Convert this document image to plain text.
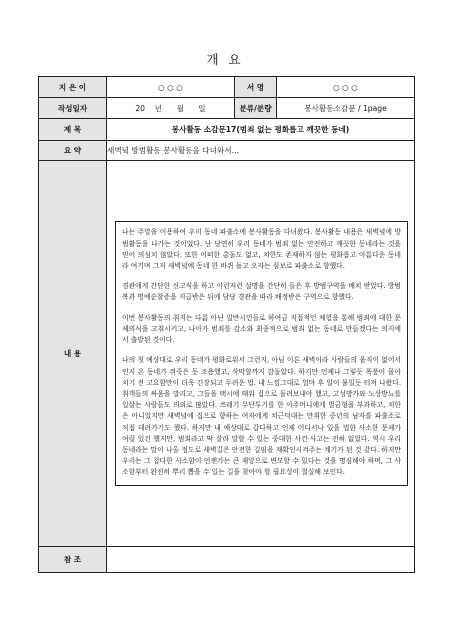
개 요
지 은 이	○ ○ ○	서 명	○ ○ ○
작성일자	20    년      월      일	분류/분량	봉사활동소감문 / 1page
제 목	봉사활동 소감문17(범죄 없는 평화롭고 깨끗한 동네)		
요 약	새벽녘 방범활동 봉사활동을 다녀와서…		
내 용	나는 주말을 이용하여 우리 동네 파출소에 봉사활동을 다녀왔다. 봉사활동 내용은 새벽녘에 방범활동을 나가는 것이었다. 난 당연히 우리 동네가 범죄 없는 안전하고 깨끗한 동네라는 것을 믿어 의심치 않았다. 또한 어떠한 총돌도 없고, 치한도 존재하지 않는 평화롭고 아름다운 동네라 여기며 그저 새벽녘에 동네 한 바퀴 돌고 오자는 심보로 파출소로 향했다.

경관에게 간단한 신고식을 하고 이런저런 설명을 간단히 들은 후 방범구역을 배치 받았다. 방범복과 명예순찰증을 지급받은 뒤에 담당 경관을 따라 배정받은 구역으로 향했다.

이번 봉사활동의 취지는 다름 아닌 일반시민들로 하여금 직접적인 체험을 통해 범죄에 대한 문제의식을 고취시키고, 나아가 범죄를 감소와 최종적으로 범죄 없는 동네로 만들겠다는 의지에서 출발된 것이다.

나의 첫 예상대로 우리 동네가 평화로워서 그런지, 아님 이른 새벽이라 사람들의 움직이 없어서인지 온 동네가 쥐죽은 듯 조용했고, 삭막할까지 감돌았다. 하지만 언제나 그렇듯 폭풍이 몰아치기 전 고요함만이 더욱 긴장되고 두려운 법. 내 느낌그대로 얼마 후 일이 물밀듯 터져 나왔다. 취객들의 싸움을 말리고, 그들을 택시에 태워 집으로 돌려보내야 했고, 고성방가와 노상방뇨를 일삼는 사람들도 의외로 많았다. 쓰레기 무단투기를 한 아주머니에게 벌금형을 부과하고, 치한은 아니었지만 새벽녘에 집으로 향하는 여자에게 치근덕대는 만취한 중년의 남자를 파출소로 직접 데려가기도 했다. 하지만 내 예상대로 갑다하고 언제 어디서나 있을 법한 사소한 문제가 여럿 있긴 했지만, 범죄라고 딱 잘라 말할 수 있는 중대한 사건·사고는 전혀 없었다. 역시 우리 동네라는 말이 나올 정도로 새벽길은 안전한 길임을 재확인시켜주는 계기가 된 것 같다. 하지만 우리는 그 잡다한 사소함이 언젠가는 큰 재앙으로 변모할 수 있다는 것을 명심해야 하며, 그 사소함부터 완전히 뿌리 뽑을 수 있는 길을 찾아야 할 필요성이 절실해 보인다.		

참 조			
